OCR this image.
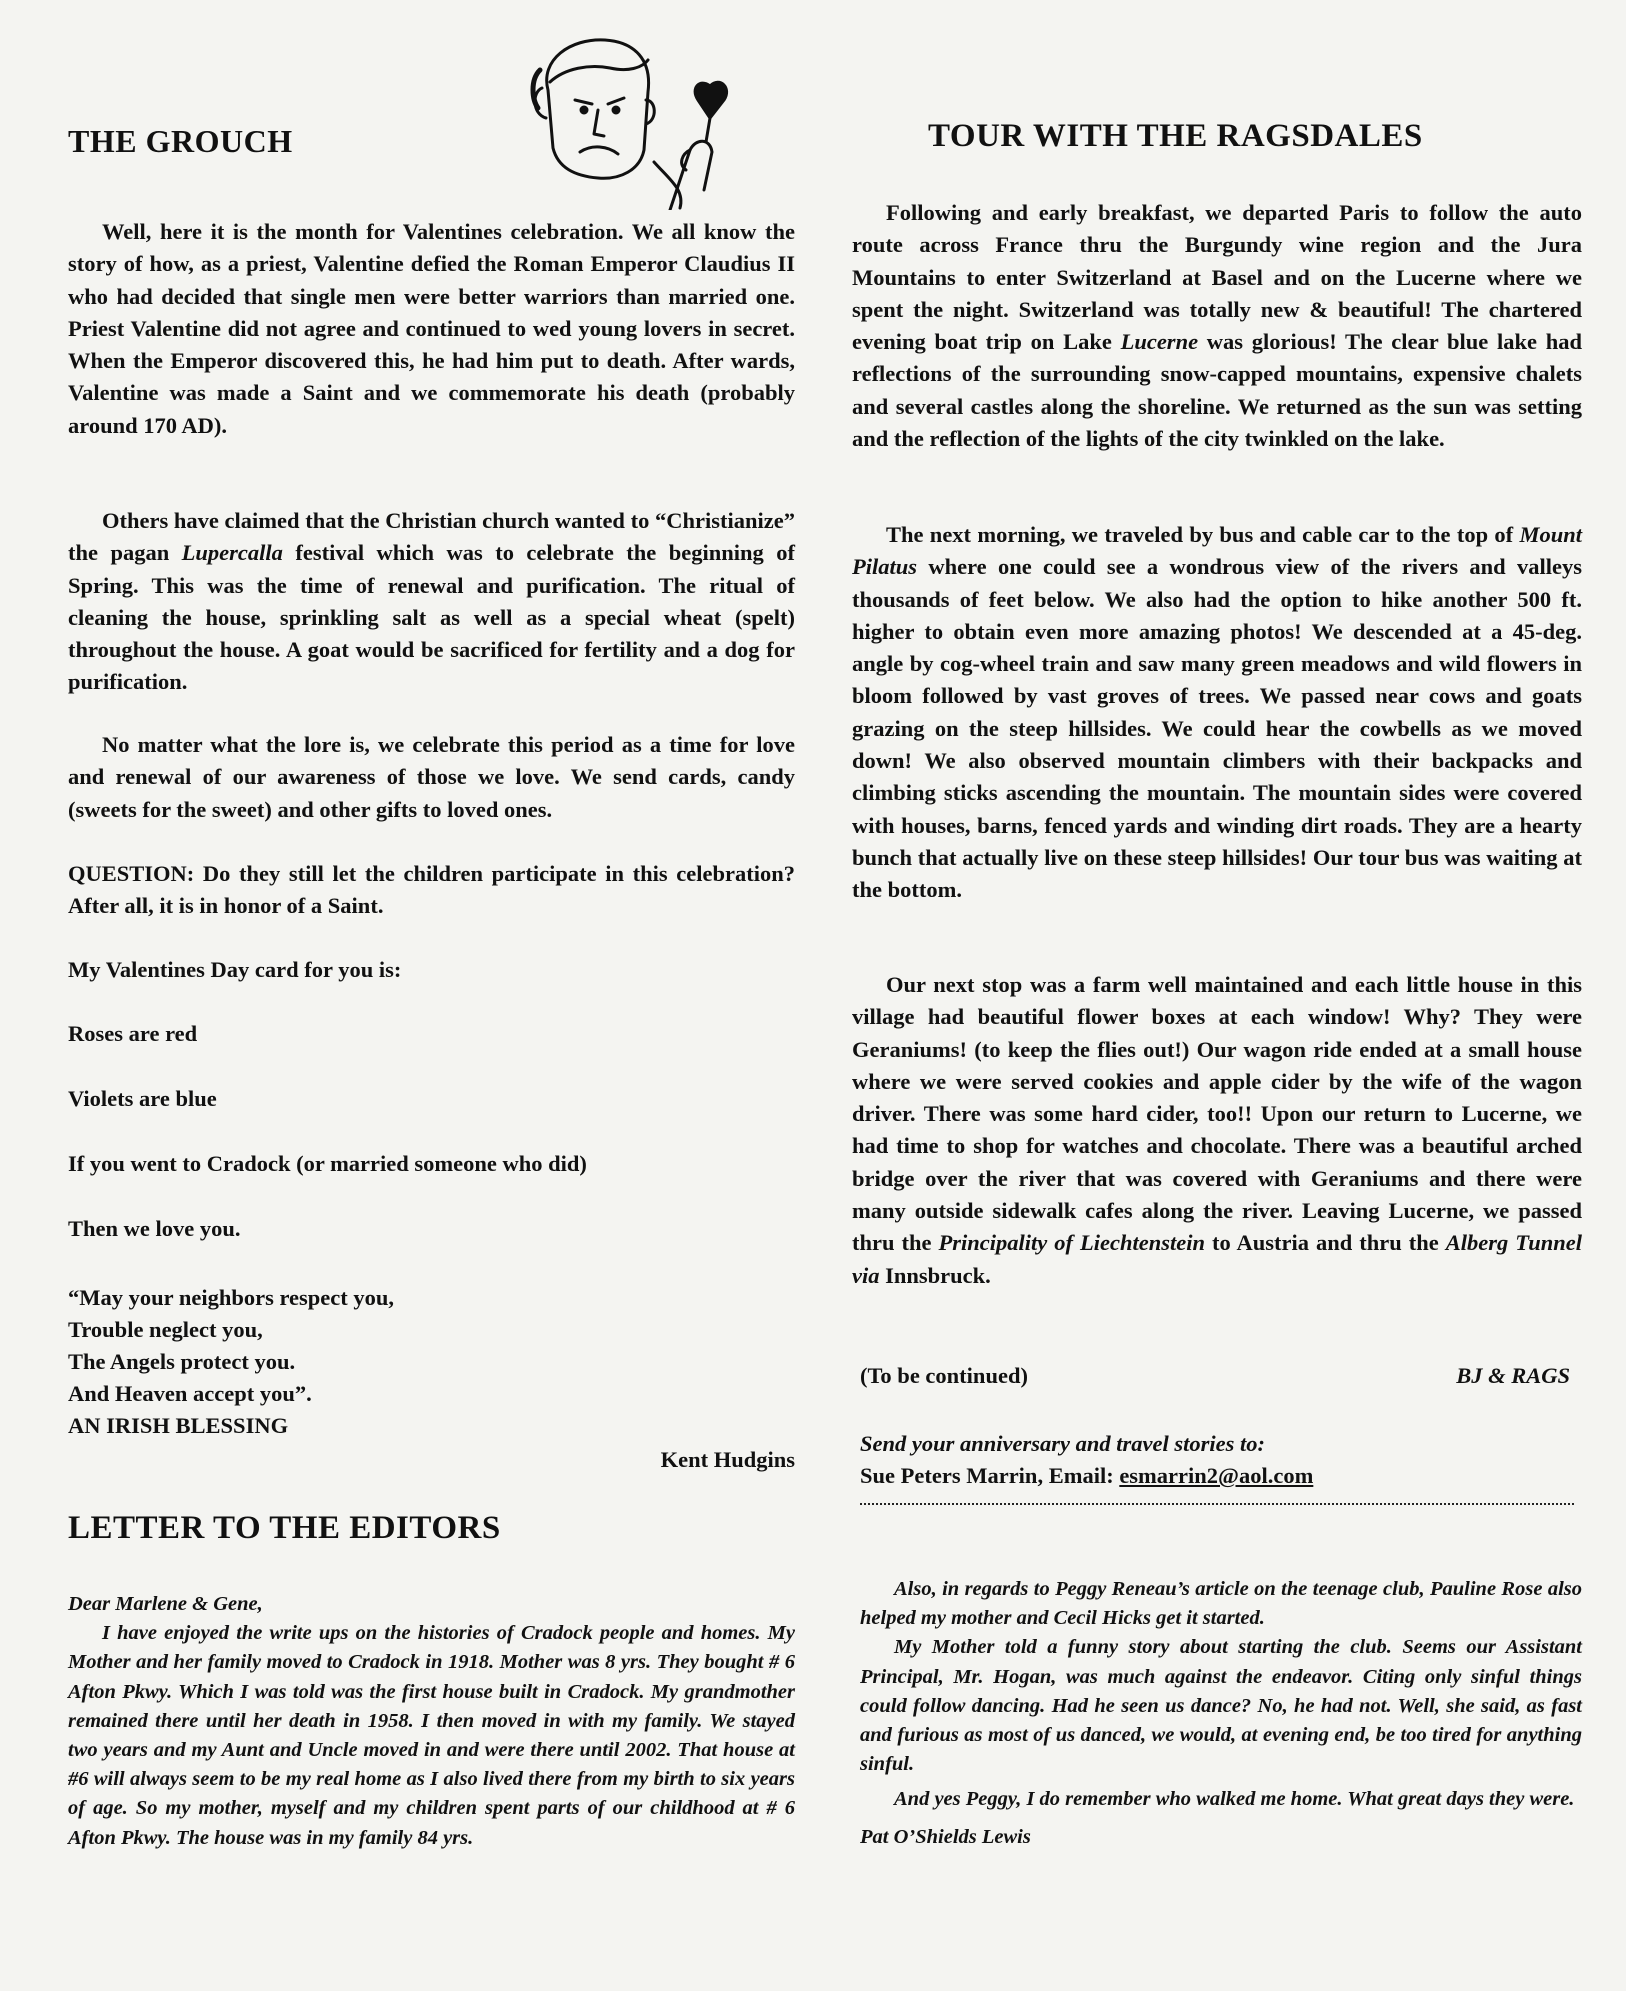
THE GROUCH

Well, here it is the month for Valentines celebration. We all know the story of how, as a priest, Valentine defied the Roman Emperor Claudius II who had decided that single men were better warriors than married one. Priest Valentine did not agree and continued to wed young lovers in secret. When the Emperor discovered this, he had him put to death. After wards, Valentine was made a Saint and we commemorate his death (probably around 170 AD).

Others have claimed that the Christian church wanted to “Christianize” the pagan Lupercalla festival which was to celebrate the beginning of Spring. This was the time of renewal and purification. The ritual of cleaning the house, sprinkling salt as well as a special wheat (spelt) throughout the house. A goat would be sacrificed for fertility and a dog for purification.

No matter what the lore is, we celebrate this period as a time for love and renewal of our awareness of those we love. We send cards, candy (sweets for the sweet) and other gifts to loved ones.

QUESTION: Do they still let the children participate in this celebration? After all, it is in honor of a Saint.

My Valentines Day card for you is:

Roses are red

Violets are blue

If you went to Cradock (or married someone who did)

Then we love you.

“May your neighbors respect you,

Trouble neglect you,

The Angels protect you.

And Heaven accept you”.

AN IRISH BLESSING

Kent Hudgins

LETTER TO THE EDITORS

Dear Marlene & Gene,

I have enjoyed the write ups on the histories of Cradock people and homes. My Mother and her family moved to Cradock in 1918. Mother was 8 yrs. They bought # 6 Afton Pkwy. Which I was told was the first house built in Cradock. My grandmother remained there until her death in 1958. I then moved in with my family. We stayed two years and my Aunt and Uncle moved in and were there until 2002. That house at #6 will always seem to be my real home as I also lived there from my birth to six years of age. So my mother, myself and my children spent parts of our childhood at # 6 Afton Pkwy. The house was in my family 84 yrs.

TOUR WITH THE RAGSDALES

Following and early breakfast, we departed Paris to follow the auto route across France thru the Burgundy wine region and the Jura Mountains to enter Switzerland at Basel and on the Lucerne where we spent the night. Switzerland was totally new & beautiful! The chartered evening boat trip on Lake Lucerne was glorious! The clear blue lake had reflections of the surrounding snow-capped mountains, expensive chalets and several castles along the shoreline. We returned as the sun was setting and the reflection of the lights of the city twinkled on the lake.

The next morning, we traveled by bus and cable car to the top of Mount Pilatus where one could see a wondrous view of the rivers and valleys thousands of feet below. We also had the option to hike another 500 ft. higher to obtain even more amazing photos! We descended at a 45-deg. angle by cog-wheel train and saw many green meadows and wild flowers in bloom followed by vast groves of trees. We passed near cows and goats grazing on the steep hillsides. We could hear the cowbells as we moved down! We also observed mountain climbers with their backpacks and climbing sticks ascending the mountain. The mountain sides were covered with houses, barns, fenced yards and winding dirt roads. They are a hearty bunch that actually live on these steep hillsides! Our tour bus was waiting at the bottom.

Our next stop was a farm well maintained and each little house in this village had beautiful flower boxes at each window! Why? They were Geraniums! (to keep the flies out!) Our wagon ride ended at a small house where we were served cookies and apple cider by the wife of the wagon driver. There was some hard cider, too!! Upon our return to Lucerne, we had time to shop for watches and chocolate. There was a beautiful arched bridge over the river that was covered with Geraniums and there were many outside sidewalk cafes along the river. Leaving Lucerne, we passed thru the Principality of Liechtenstein to Austria and thru the Alberg Tunnel via Innsbruck.

(To be continued)	BJ & RAGS

Send your anniversary and travel stories to:

Sue Peters Marrin, Email: esmarrin2@aol.com

Also, in regards to Peggy Reneau’s article on the teenage club, Pauline Rose also helped my mother and Cecil Hicks get it started.

My Mother told a funny story about starting the club. Seems our Assistant Principal, Mr. Hogan, was much against the endeavor. Citing only sinful things could follow dancing. Had he seen us dance? No, he had not. Well, she said, as fast and furious as most of us danced, we would, at evening end, be too tired for anything sinful.

And yes Peggy, I do remember who walked me home. What great days they were.

Pat O’Shields Lewis
